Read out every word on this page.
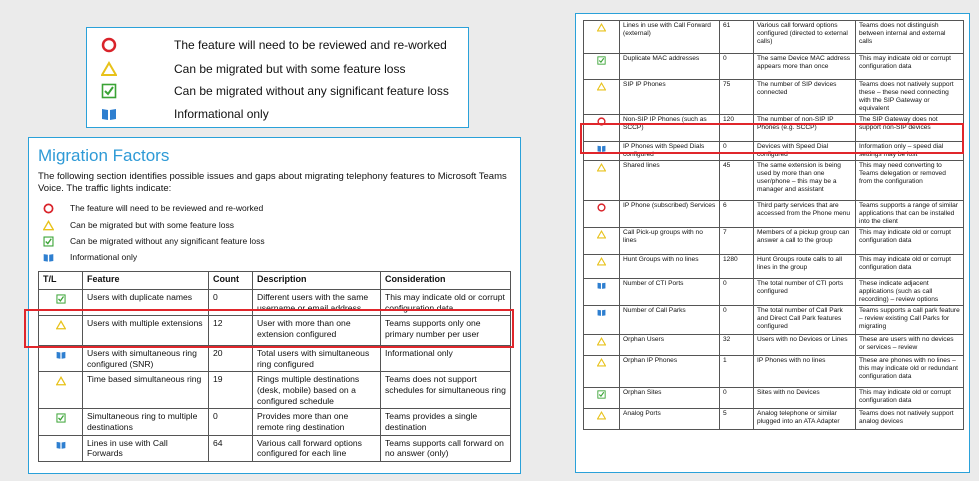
The feature will need to be reviewed and re-worked
Can be migrated but with some feature loss
Can be migrated without any significant feature loss
Informational only
Migration Factors
The following section identifies possible issues and gaps about migrating telephony features to Microsoft Teams Voice. The traffic lights indicate:
The feature will need to be reviewed and re-worked
Can be migrated but with some feature loss
Can be migrated without any significant feature loss
Informational only
T/L	Feature	Count	Description	Consideration
	Users with duplicate names	0	Different users with the same username or email address	This may indicate old or corrupt configuration data
	Users with multiple extensions	12	User with more than one extension configured	Teams supports only one primary number per user
	Users with simultaneous ring configured (SNR)	20	Total users with simultaneous ring configured	Informational only
	Time based simultaneous ring	19	Rings multiple destinations (desk, mobile) based on a configured schedule	Teams does not support schedules for simultaneous ring
	Simultaneous ring to multiple destinations	0	Provides more than one remote ring destination	Teams provides a single destination
	Lines in use with Call Forwards	64	Various call forward options configured for each line	Teams supports call forward on no answer (only)
	Lines in use with Call Forward (external)	61	Various call forward options configured (directed to external calls)	Teams does not distinguish between internal and external calls
	Duplicate MAC addresses	0	The same Device MAC address appears more than once	This may indicate old or corrupt configuration data
	SIP IP Phones	75	The number of SIP devices connected	Teams does not natively support these – these need connecting with the SIP Gateway or equivalent
	Non-SIP IP Phones (such as SCCP)	120	The number of non-SIP IP Phones (e.g. SCCP)	The SIP Gateway does not support non-SIP devices
	IP Phones with Speed Dials configured	0	Devices with Speed Dial configured	Information only – speed dial settings may be lost
	Shared lines	45	The same extension is being used by more than one user/phone – this may be a manager and assistant	This may need converting to Teams delegation or removed from the configuration
	IP Phone (subscribed) Services	6	Third party services that are accessed from the Phone menu	Teams supports a range of similar applications that can be installed into the client
	Call Pick-up groups with no lines	7	Members of a pickup group can answer a call to the group	This may indicate old or corrupt configuration data
	Hunt Groups with no lines	1280	Hunt Groups route calls to all lines in the group	This may indicate old or corrupt configuration data
	Number of CTI Ports	0	The total number of CTI ports configured	These indicate adjacent applications (such as call recording) – review options
	Number of Call Parks	0	The total number of Call Park and Direct Call Park features configured	Teams supports a call park feature – review existing Call Parks for migrating
	Orphan Users	32	Users with no Devices or Lines	These are users with no devices or services – review
	Orphan IP Phones	1	IP Phones with no lines	These are phones with no lines – this may indicate old or redundant configuration data
	Orphan Sites	0	Sites with no Devices	This may indicate old or corrupt configuration data
	Analog Ports	5	Analog telephone or similar plugged into an ATA Adapter	Teams does not natively support analog devices
